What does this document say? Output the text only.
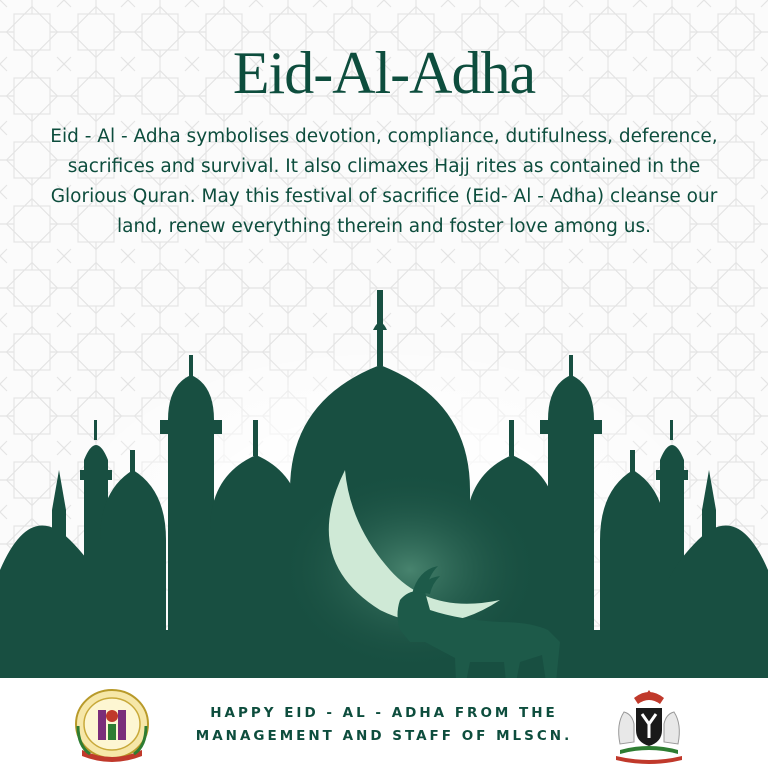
Eid-Al-Adha

Eid - Al - Adha symbolises devotion, compliance, dutifulness, deference, sacrifices and survival. It also climaxes Hajj rites as contained in the Glorious Quran. May this festival of sacrifice (Eid- Al - Adha) cleanse our land, renew everything therein and foster love among us.

HAPPY EID - AL - ADHA FROM THE
MANAGEMENT AND STAFF OF MLSCN.
